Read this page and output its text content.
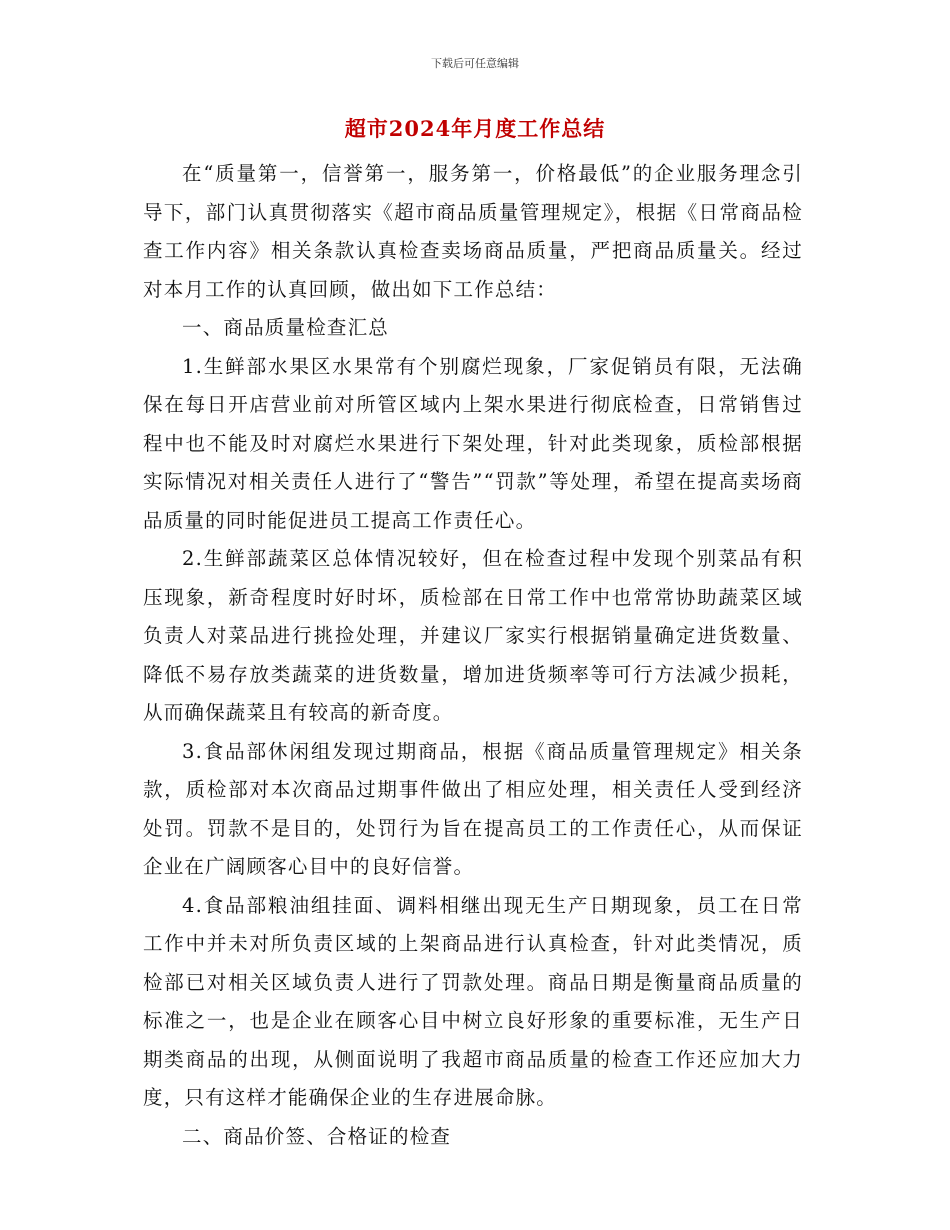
下载后可任意编辑
超市2024年月度工作总结

在“质量第一，信誉第一，服务第一，价格最低”的企业服务理念引导下，部门认真贯彻落实《超市商品质量管理规定》，根据《日常商品检查工作内容》相关条款认真检查卖场商品质量，严把商品质量关。经过对本月工作的认真回顾，做出如下工作总结：

一、商品质量检查汇总

1.生鲜部水果区水果常有个别腐烂现象，厂家促销员有限，无法确保在每日开店营业前对所管区域内上架水果进行彻底检查，日常销售过程中也不能及时对腐烂水果进行下架处理，针对此类现象，质检部根据实际情况对相关责任人进行了“警告”“罚款”等处理，希望在提高卖场商品质量的同时能促进员工提高工作责任心。

2.生鲜部蔬菜区总体情况较好，但在检查过程中发现个别菜品有积压现象，新奇程度时好时坏，质检部在日常工作中也常常协助蔬菜区域负责人对菜品进行挑捡处理，并建议厂家实行根据销量确定进货数量、降低不易存放类蔬菜的进货数量，增加进货频率等可行方法减少损耗，从而确保蔬菜且有较高的新奇度。

3.食品部休闲组发现过期商品，根据《商品质量管理规定》相关条款，质检部对本次商品过期事件做出了相应处理，相关责任人受到经济处罚。罚款不是目的，处罚行为旨在提高员工的工作责任心，从而保证企业在广阔顾客心目中的良好信誉。

4.食品部粮油组挂面、调料相继出现无生产日期现象，员工在日常工作中并未对所负责区域的上架商品进行认真检查，针对此类情况，质检部已对相关区域负责人进行了罚款处理。商品日期是衡量商品质量的标准之一，也是企业在顾客心目中树立良好形象的重要标准，无生产日期类商品的出现，从侧面说明了我超市商品质量的检查工作还应加大力度，只有这样才能确保企业的生存进展命脉。

二、商品价签、合格证的检查
